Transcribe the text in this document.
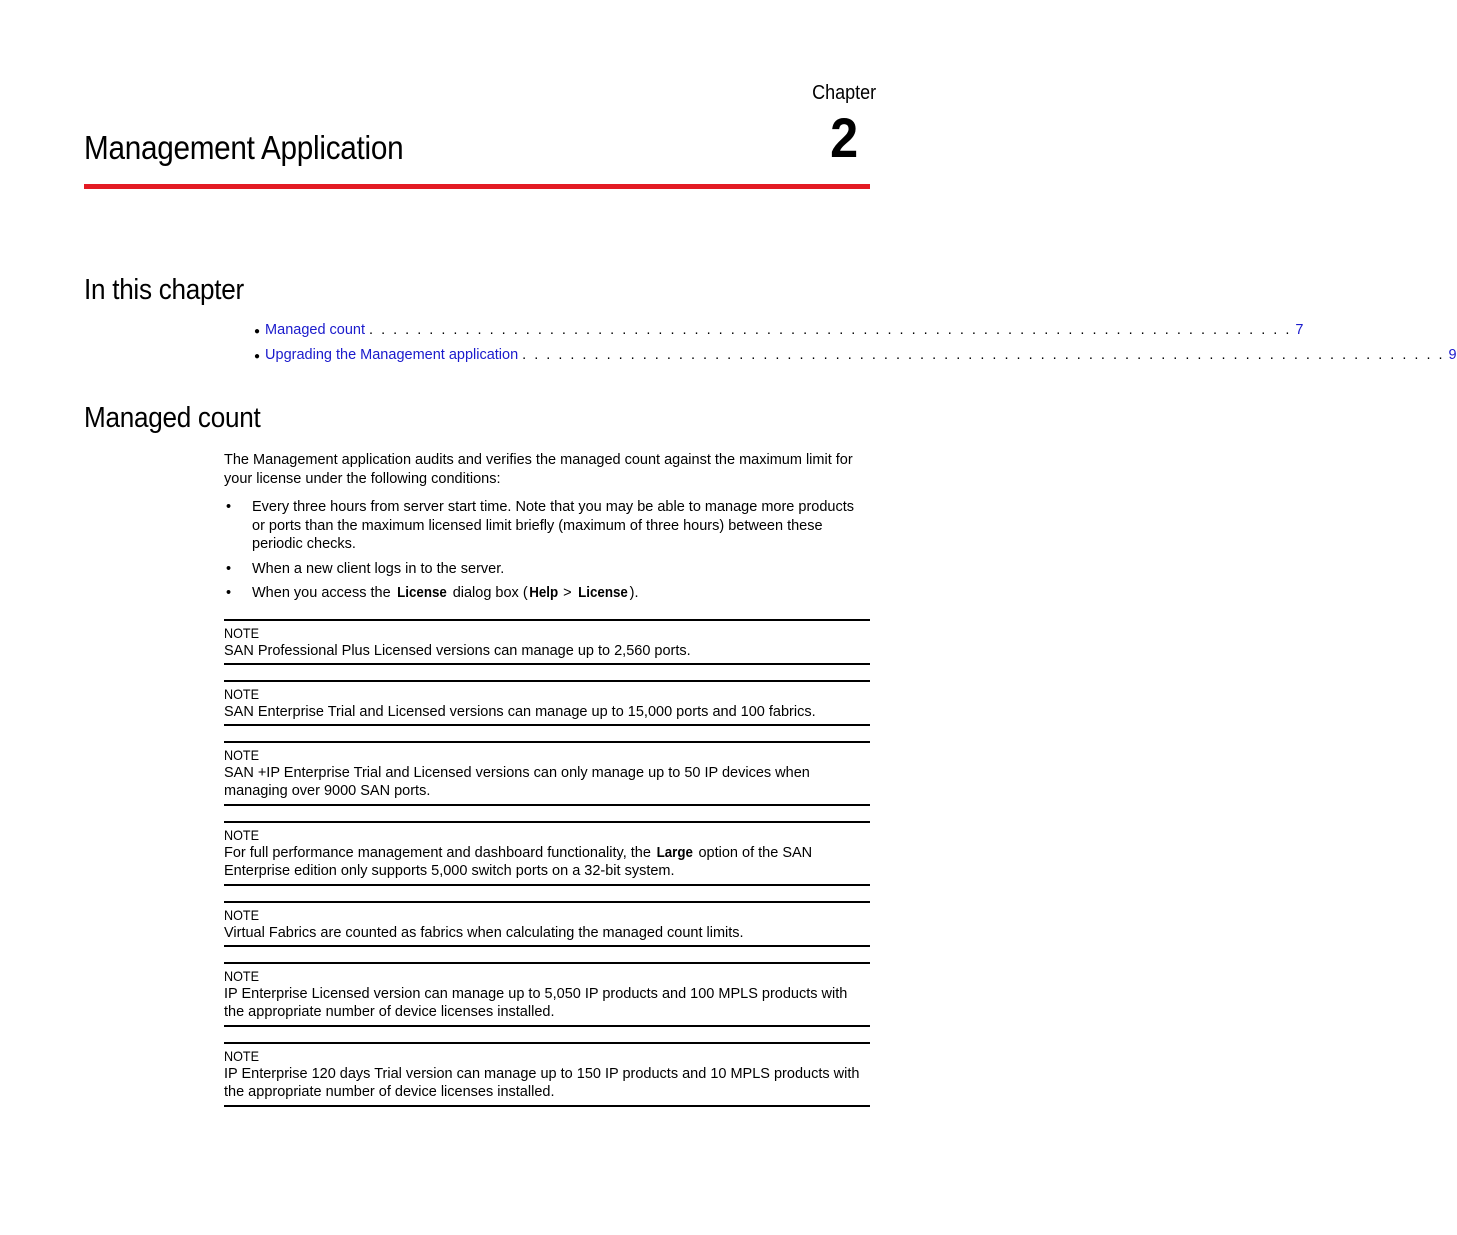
Chapter
2
Management Application
In this chapter
● Managed count . . . . . . . . . . . . . . . . . . . . . . . . . . . . . . . . . . . . . . . . . . . . . . . . . . . . . . . . . . . . . . . . . . . . . . . . . . . . . 7
● Upgrading the Management application . . . . . . . . . . . . . . . . . . . . . . . . . . . . . . . . . . . . . . . . . . . . . . . . . . . . . . . . . . . . . . . . . . . . . . . . . . . . . 9
Managed count

The Management application audits and verifies the managed count against the maximum limit for your license under the following conditions:

• Every three hours from server start time. Note that you may be able to manage more products or ports than the maximum licensed limit briefly (maximum of three hours) between these periodic checks.
• When a new client logs in to the server.
• When you access the License dialog box (Help > License ).
NOTE
SAN Professional Plus Licensed versions can manage up to 2,560 ports.
NOTE
SAN Enterprise Trial and Licensed versions can manage up to 15,000 ports and 100 fabrics.
NOTE
SAN +IP Enterprise Trial and Licensed versions can only manage up to 50 IP devices when managing over 9000 SAN ports.
NOTE
For full performance management and dashboard functionality, the Large option of the SAN Enterprise edition only supports 5,000 switch ports on a 32-bit system.
NOTE
Virtual Fabrics are counted as fabrics when calculating the managed count limits.
NOTE
IP Enterprise Licensed version can manage up to 5,050 IP products and 100 MPLS products with the appropriate number of device licenses installed.
NOTE
IP Enterprise 120 days Trial version can manage up to 150 IP products and 10 MPLS products with the appropriate number of device licenses installed.
